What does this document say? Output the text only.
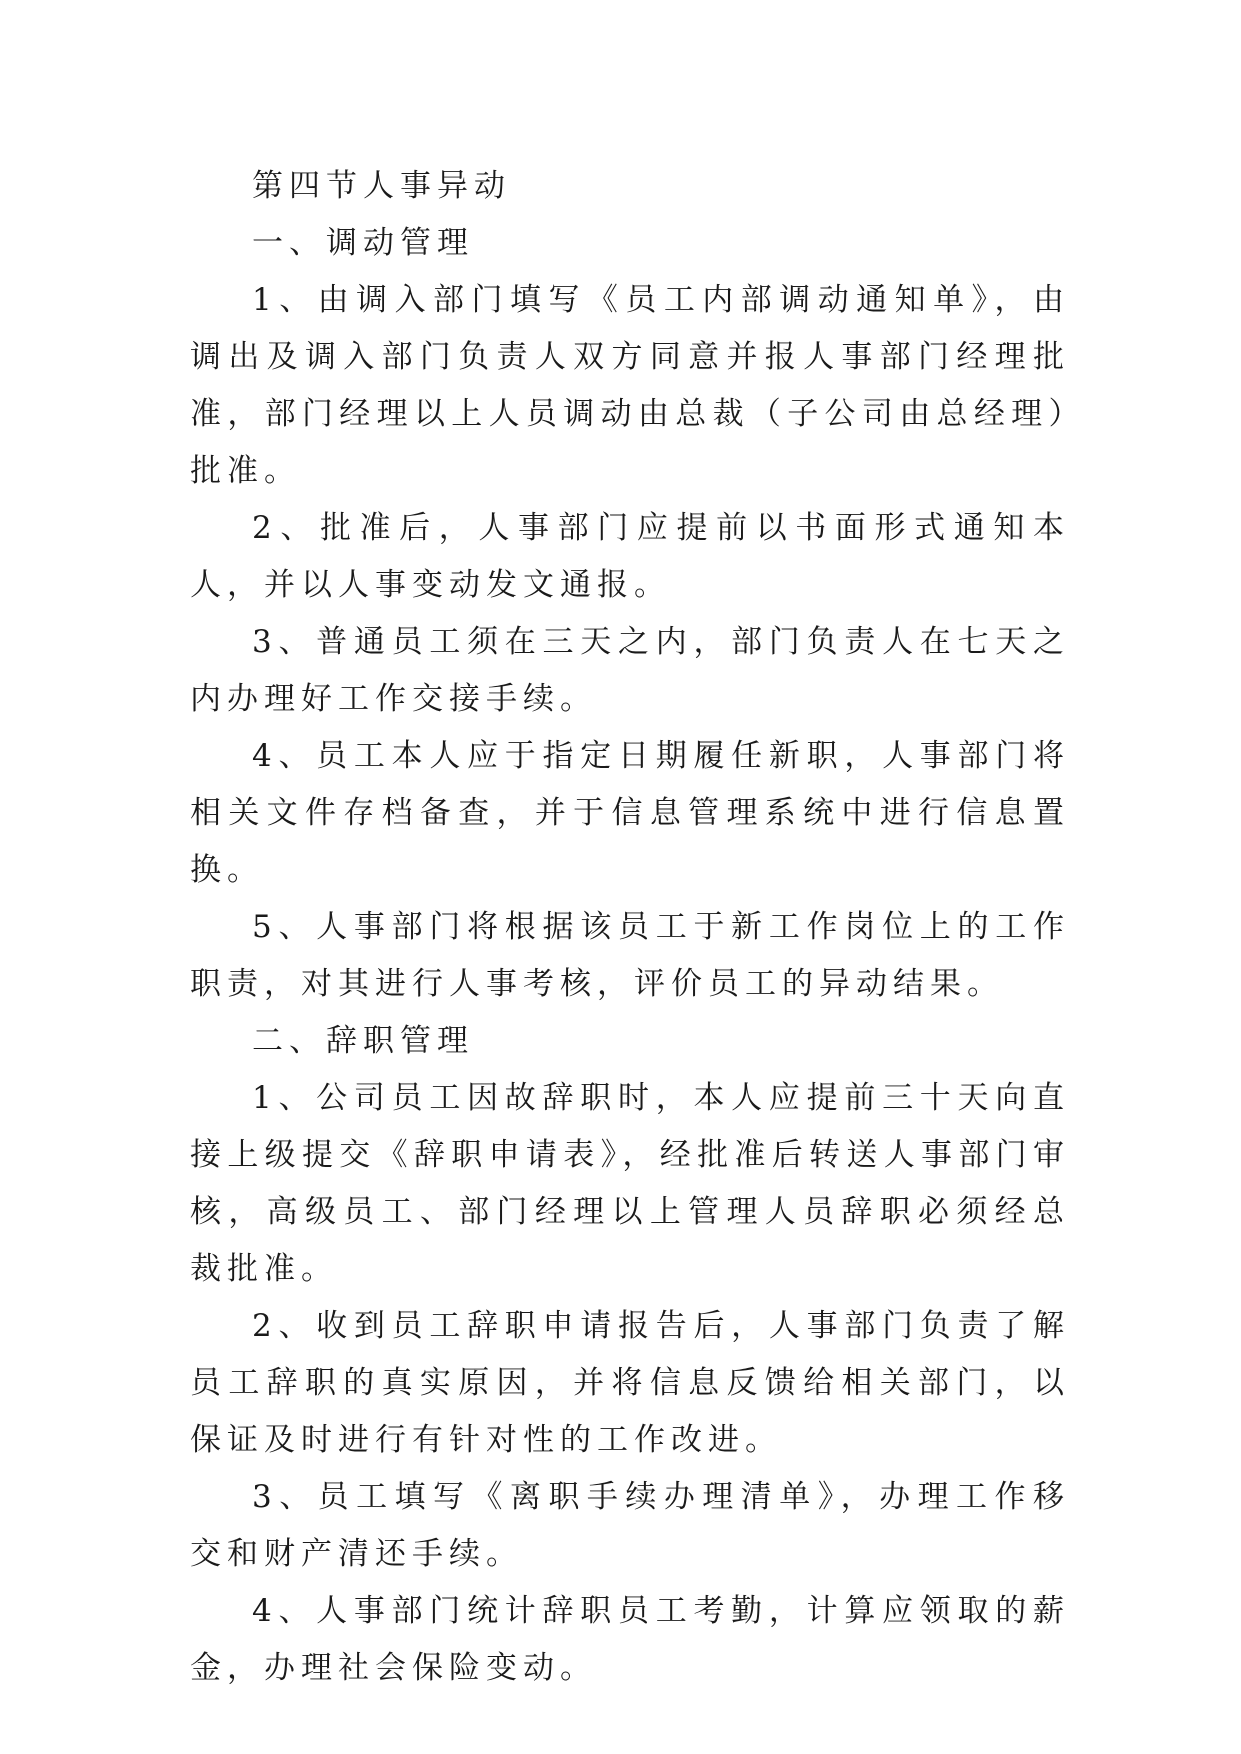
第四节人事异动

一、调动管理

1、由调入部门填写《员工内部调动通知单》，由调出及调入部门负责人双方同意并报人事部门经理批准，部门经理以上人员调动由总裁（子公司由总经理）批准。

2、批准后，人事部门应提前以书面形式通知本人，并以人事变动发文通报。

3、普通员工须在三天之内，部门负责人在七天之内办理好工作交接手续。

4、员工本人应于指定日期履任新职，人事部门将相关文件存档备查，并于信息管理系统中进行信息置换。

5、人事部门将根据该员工于新工作岗位上的工作职责，对其进行人事考核，评价员工的异动结果。

二、辞职管理

1、公司员工因故辞职时，本人应提前三十天向直接上级提交《辞职申请表》，经批准后转送人事部门审核，高级员工、部门经理以上管理人员辞职必须经总裁批准。

2、收到员工辞职申请报告后，人事部门负责了解员工辞职的真实原因，并将信息反馈给相关部门，以保证及时进行有针对性的工作改进。

3、员工填写《离职手续办理清单》，办理工作移交和财产清还手续。

4、人事部门统计辞职员工考勤，计算应领取的薪金，办理社会保险变动。
